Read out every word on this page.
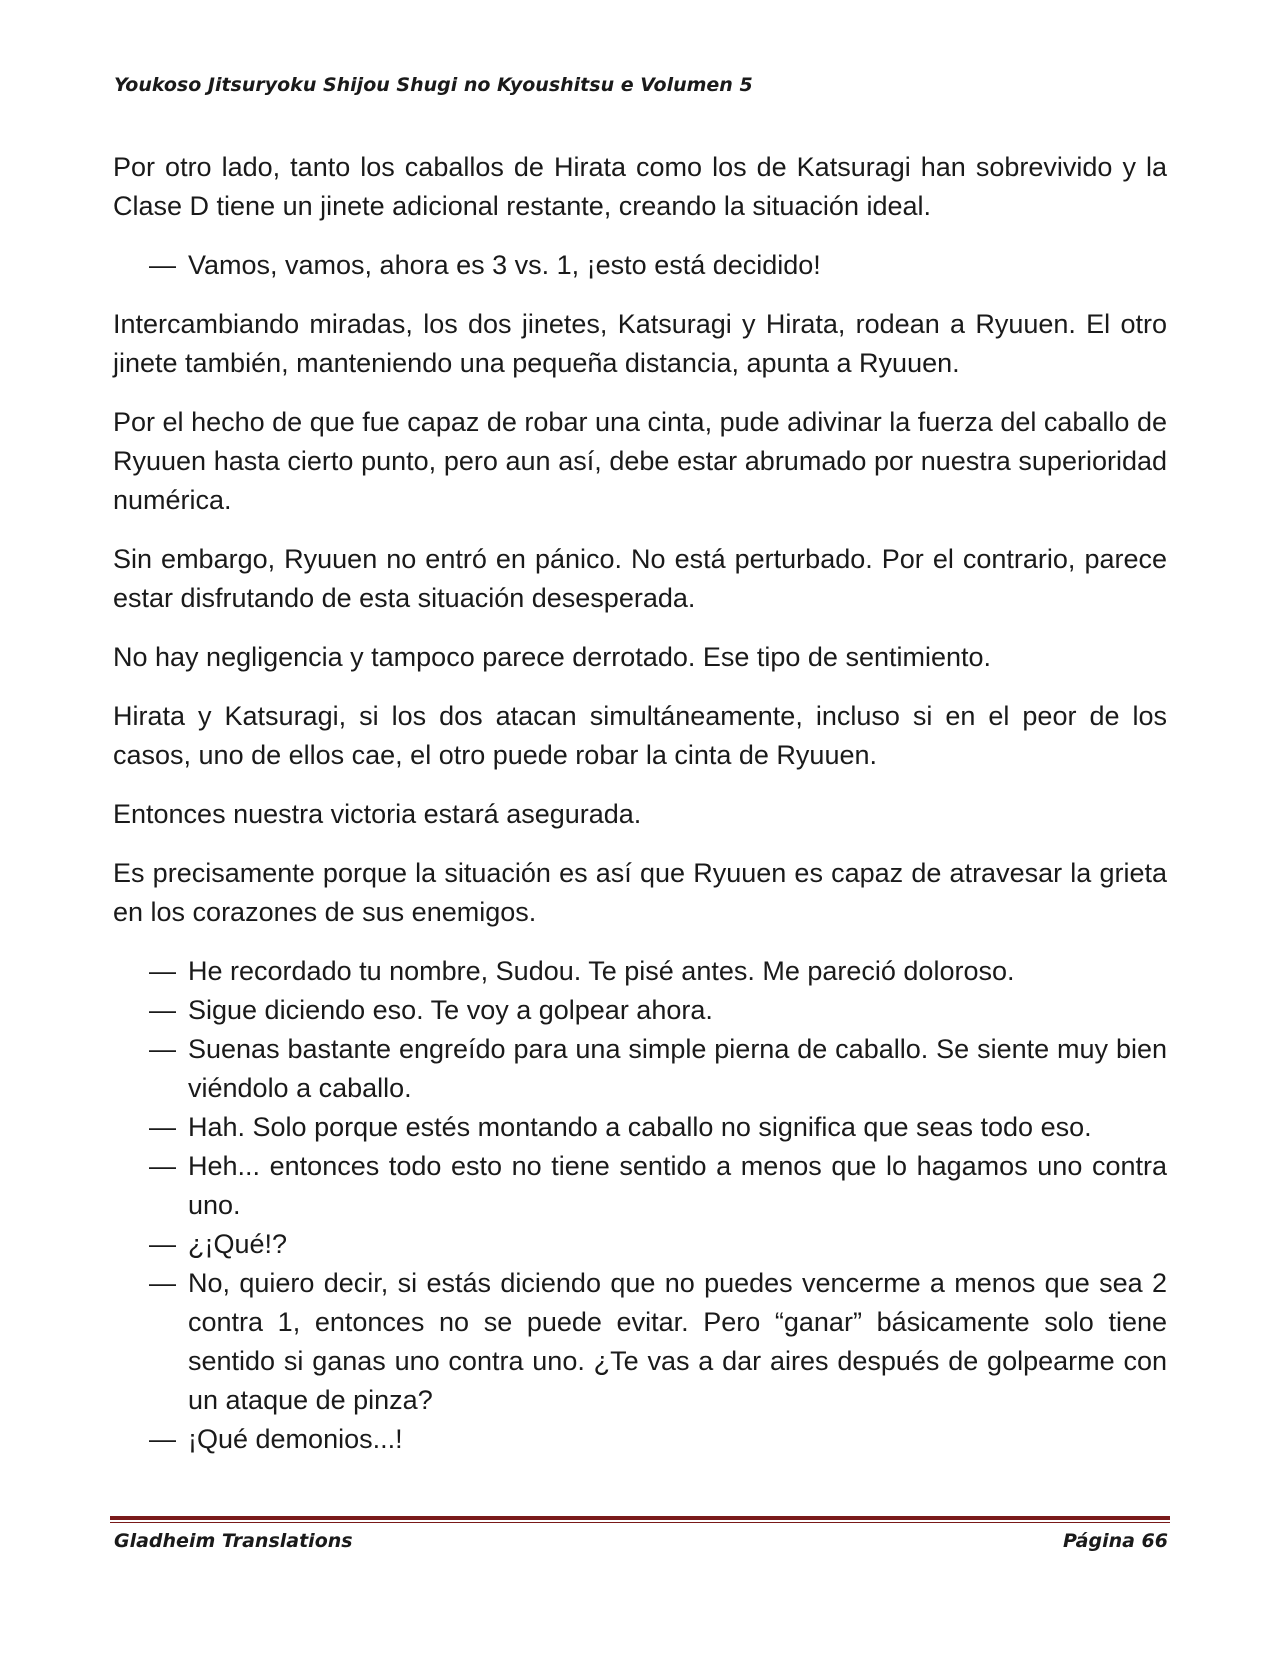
Youkoso Jitsuryoku Shijou Shugi no Kyoushitsu e Volumen 5

Por otro lado, tanto los caballos de Hirata como los de Katsuragi han sobrevivido y la Clase D tiene un jinete adicional restante, creando la situación ideal.

— Vamos, vamos, ahora es 3 vs. 1, ¡esto está decidido!

Intercambiando miradas, los dos jinetes, Katsuragi y Hirata, rodean a Ryuuen. El otro jinete también, manteniendo una pequeña distancia, apunta a Ryuuen.

Por el hecho de que fue capaz de robar una cinta, pude adivinar la fuerza del caballo de Ryuuen hasta cierto punto, pero aun así, debe estar abrumado por nuestra superioridad numérica.

Sin embargo, Ryuuen no entró en pánico. No está perturbado. Por el contrario, parece estar disfrutando de esta situación desesperada.

No hay negligencia y tampoco parece derrotado. Ese tipo de sentimiento.

Hirata y Katsuragi, si los dos atacan simultáneamente, incluso si en el peor de los casos, uno de ellos cae, el otro puede robar la cinta de Ryuuen.

Entonces nuestra victoria estará asegurada.

Es precisamente porque la situación es así que Ryuuen es capaz de atravesar la grieta en los corazones de sus enemigos.

— He recordado tu nombre, Sudou. Te pisé antes. Me pareció doloroso.

— Sigue diciendo eso. Te voy a golpear ahora.

— Suenas bastante engreído para una simple pierna de caballo. Se siente muy bien viéndolo a caballo.

— Hah. Solo porque estés montando a caballo no significa que seas todo eso.

— Heh... entonces todo esto no tiene sentido a menos que lo hagamos uno contra uno.

— ¿¡Qué!?

— No, quiero decir, si estás diciendo que no puedes vencerme a menos que sea 2 contra 1, entonces no se puede evitar. Pero “ganar” básicamente solo tiene sentido si ganas uno contra uno. ¿Te vas a dar aires después de golpearme con un ataque de pinza?

— ¡Qué demonios...!

Gladheim Translations	Página 66
